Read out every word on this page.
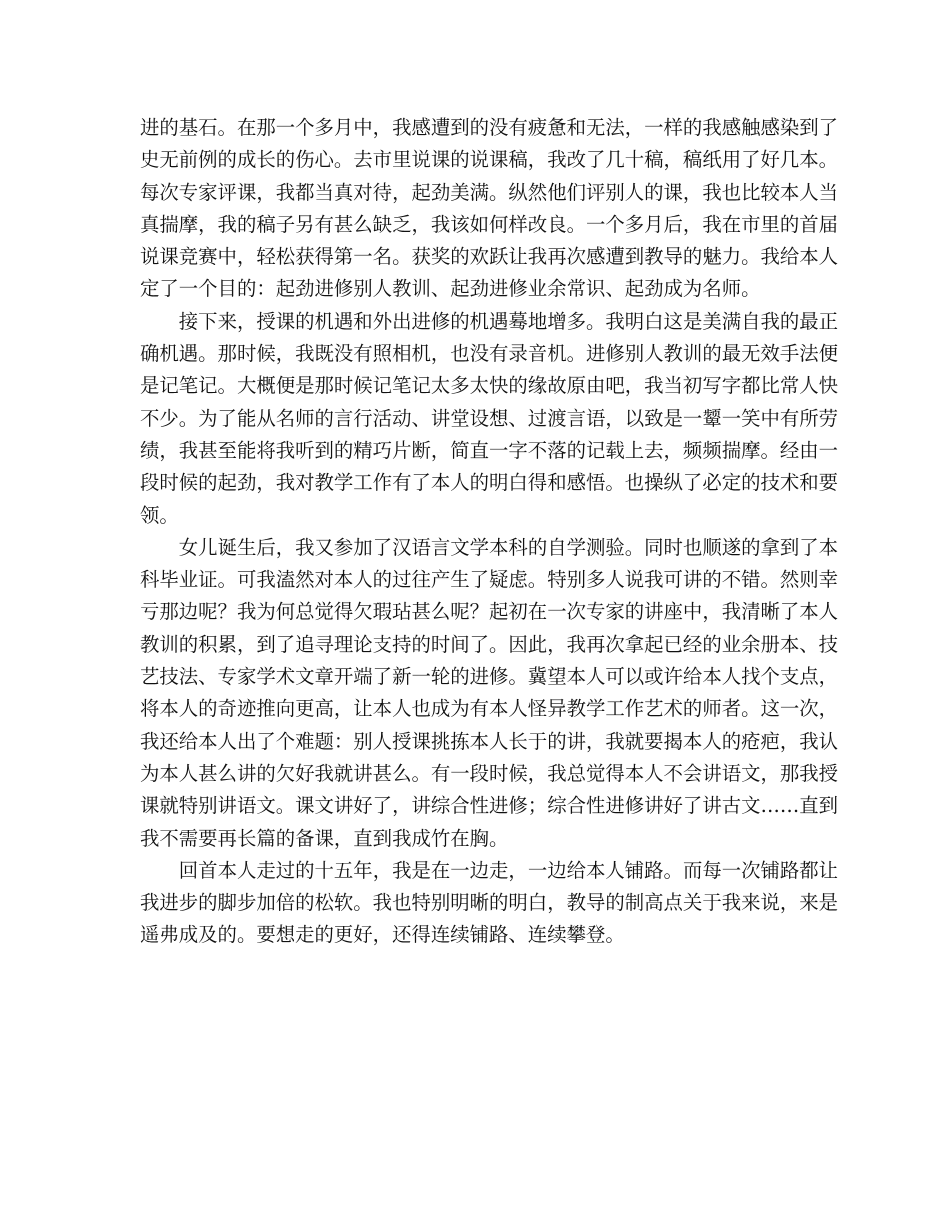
进的基石。在那一个多月中，我感遭到的没有疲惫和无法，一样的我感触感染到了
史无前例的成长的伤心。去市里说课的说课稿，我改了几十稿，稿纸用了好几本。
每次专家评课，我都当真对待，起劲美满。纵然他们评别人的课，我也比较本人当
真揣摩，我的稿子另有甚么缺乏，我该如何样改良。一个多月后，我在市里的首届
说课竞赛中，轻松获得第一名。获奖的欢跃让我再次感遭到教导的魅力。我给本人
定了一个目的：起劲进修别人教训、起劲进修业余常识、起劲成为名师。
接下来，授课的机遇和外出进修的机遇蓦地增多。我明白这是美满自我的最正
确机遇。那时候，我既没有照相机，也没有录音机。进修别人教训的最无效手法便
是记笔记。大概便是那时候记笔记太多太快的缘故原由吧，我当初写字都比常人快
不少。为了能从名师的言行活动、讲堂设想、过渡言语，以致是一颦一笑中有所劳
绩，我甚至能将我听到的精巧片断，简直一字不落的记载上去，频频揣摩。经由一
段时候的起劲，我对教学工作有了本人的明白得和感悟。也操纵了必定的技术和要
领。
女儿诞生后，我又参加了汉语言文学本科的自学测验。同时也顺遂的拿到了本
科毕业证。可我溘然对本人的过往产生了疑虑。特别多人说我可讲的不错。然则幸
亏那边呢？我为何总觉得欠瑕玷甚么呢？起初在一次专家的讲座中，我清晰了本人
教训的积累，到了追寻理论支持的时间了。因此，我再次拿起已经的业余册本、技
艺技法、专家学术文章开端了新一轮的进修。冀望本人可以或许给本人找个支点，
将本人的奇迹推向更高，让本人也成为有本人怪异教学工作艺术的师者。这一次，
我还给本人出了个难题：别人授课挑拣本人长于的讲，我就要揭本人的疮疤，我认
为本人甚么讲的欠好我就讲甚么。有一段时候，我总觉得本人不会讲语文，那我授
课就特别讲语文。课文讲好了，讲综合性进修；综合性进修讲好了讲古文……直到
我不需要再长篇的备课，直到我成竹在胸。
回首本人走过的十五年，我是在一边走，一边给本人铺路。而每一次铺路都让
我进步的脚步加倍的松软。我也特别明晰的明白，教导的制高点关于我来说，来是
遥弗成及的。要想走的更好，还得连续铺路、连续攀登。
